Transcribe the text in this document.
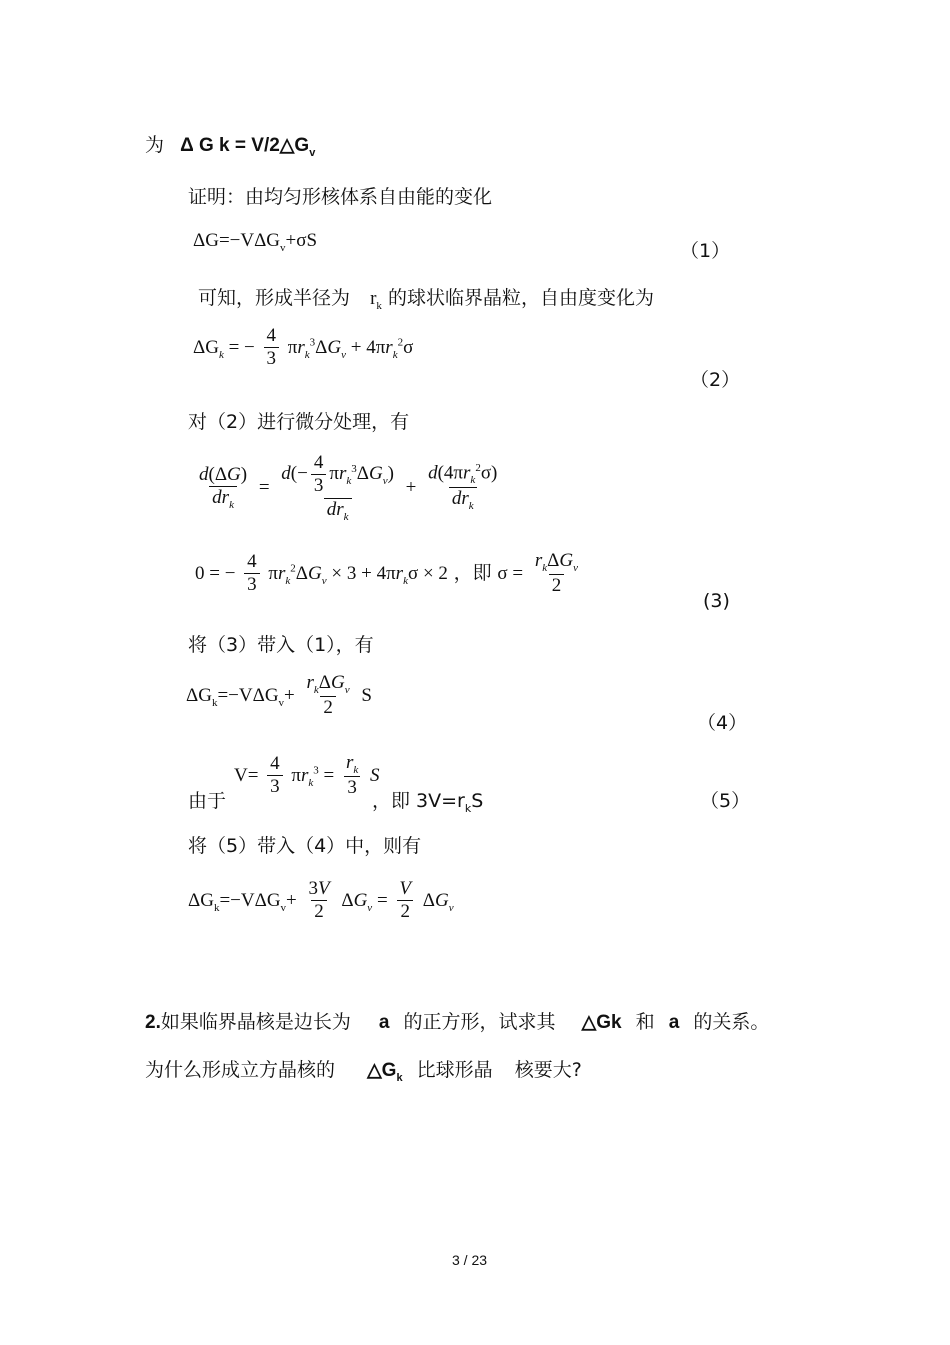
为 Δ G $k = V/2\triangle G_v$
证明：由均匀形核体系自由能的变化
$\Delta G=-V\Delta G_v+\sigma S$	（1）
可知，形成半径为 $r_k$ 的球状临界晶粒，自由度变化为
$\Delta G_k$ = − $\frac{4}{3} \pi r_k^3\Delta G_v + 4\pi r_k^2\sigma$
（2）
对（2）进行微分处理，有
$\frac{d(\Delta G)}{dr_k} = \frac{d(- \frac{4}{3} \pi r_k^3\Delta G_v)}{dr_k} + \frac{d(4\pi r_k^2\sigma)}{dr_k}$
0 = − $\frac{4}{3} \pi r_k^2\Delta G_v \times 3 + 4\pi r_k\sigma \times 2$ ，即 $\sigma = \frac{r_k\Delta G_v}{2}$
(3)
将（3）带入（1），有
$\Delta G_k=-V\Delta G_v+ \frac{r_k\Delta G_v}{2}$ S
（4）
由于
$V= \frac{4}{3} \pi r_k^3 = \frac{r_k}{3}$ S
，即 $3V=r_kS$	（5）
将（5）带入（4）中，则有
$\Delta G_k=-V\Delta G_v+ \frac{3V}{2} \Delta G_v = \frac{V}{2} \Delta G_v$
2.如果临界晶核是边长为 a 的正方形，试求其 △Gk 和 a 的关系。
为什么形成立方晶核的 $\triangle G_k$ 比球形晶 核要大?
3 / 23
